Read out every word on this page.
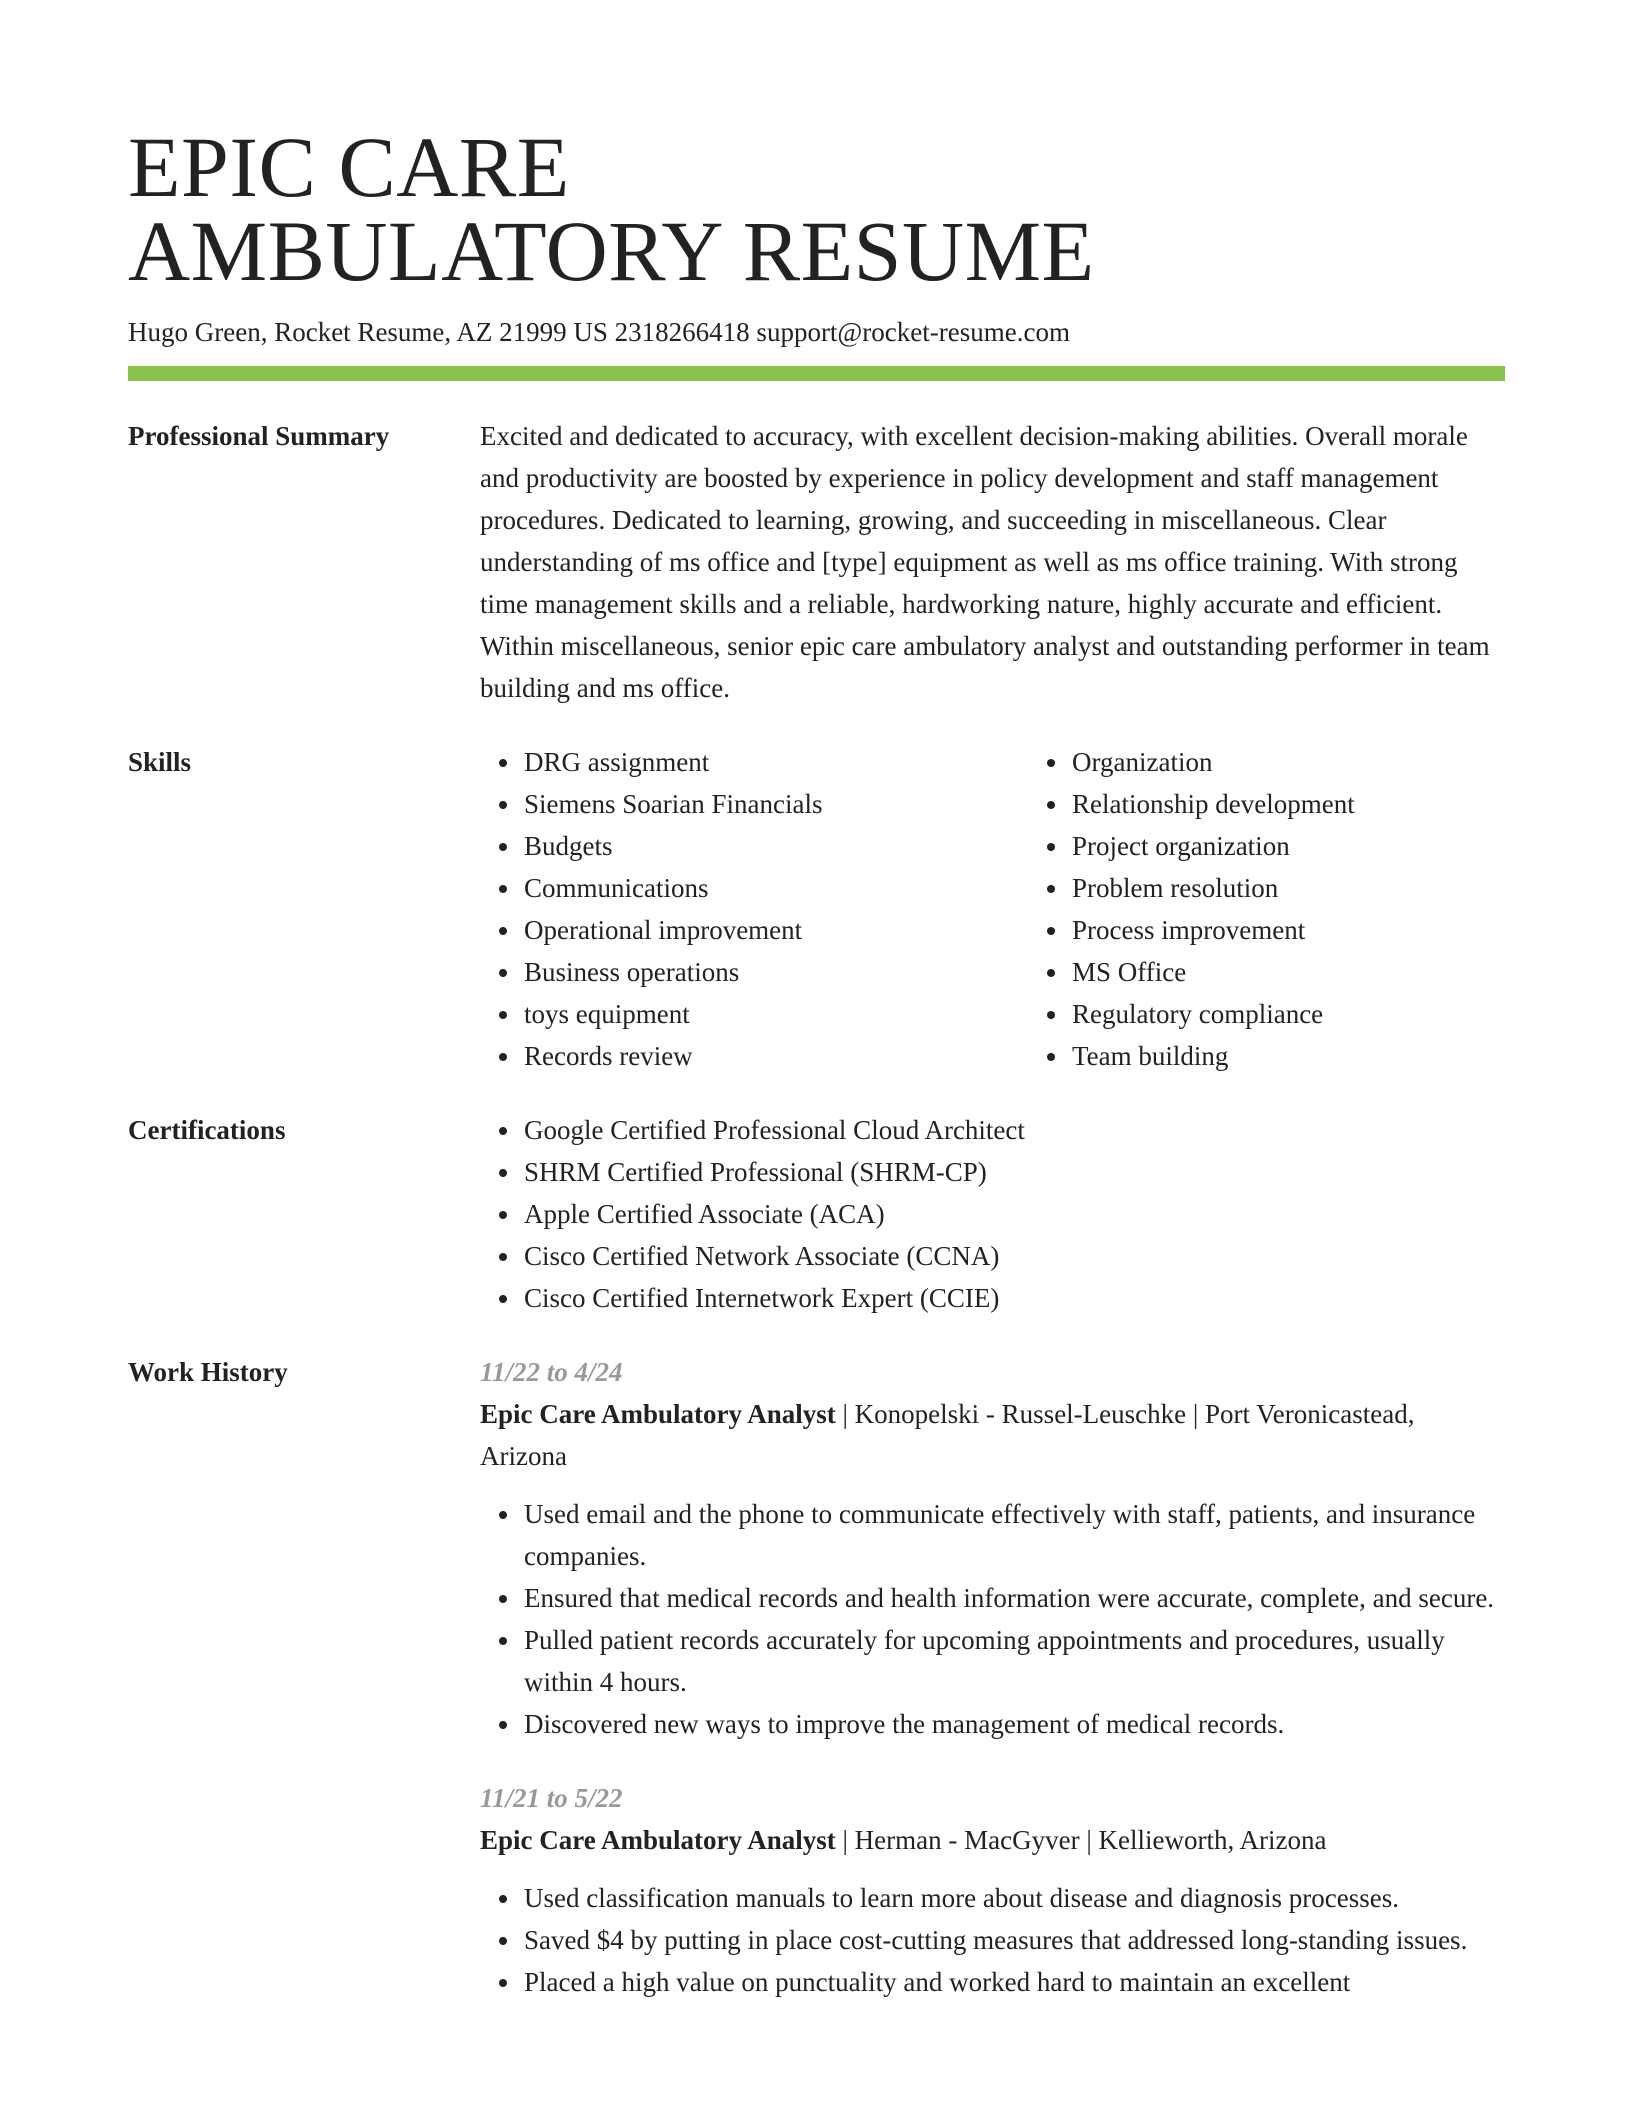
EPIC CARE
AMBULATORY RESUME
Hugo Green, Rocket Resume, AZ 21999 US 2318266418 support@rocket-resume.com
Professional Summary	Excited and dedicated to accuracy, with excellent decision-making abilities. Overall morale and productivity are boosted by experience in policy development and staff management procedures. Dedicated to learning, growing, and succeeding in miscellaneous. Clear understanding of ms office and [type] equipment as well as ms office training. With strong time management skills and a reliable, hardworking nature, highly accurate and efficient. Within miscellaneous, senior epic care ambulatory analyst and outstanding performer in team building and ms office.

Skills	DRG assignment
Siemens Soarian Financials
Budgets
Communications
Operational improvement
Business operations
toys equipment
Records review
Organization
Relationship development
Project organization
Problem resolution
Process improvement
MS Office
Regulatory compliance
Team building
Certifications	Google Certified Professional Cloud Architect
SHRM Certified Professional (SHRM-CP)
Apple Certified Associate (ACA)
Cisco Certified Network Associate (CCNA)
Cisco Certified Internetwork Expert (CCIE)
Work History	11/22 to 4/24
Epic Care Ambulatory Analyst | Konopelski - Russel-Leuschke | Port Veronicastead, Arizona
Used email and the phone to communicate effectively with staff, patients, and insurance companies.
Ensured that medical records and health information were accurate, complete, and secure.
Pulled patient records accurately for upcoming appointments and procedures, usually within 4 hours.
Discovered new ways to improve the management of medical records.
11/21 to 5/22
Epic Care Ambulatory Analyst | Herman - MacGyver | Kellieworth, Arizona
Used classification manuals to learn more about disease and diagnosis processes.
Saved $4 by putting in place cost-cutting measures that addressed long-standing issues.
Placed a high value on punctuality and worked hard to maintain an excellent
